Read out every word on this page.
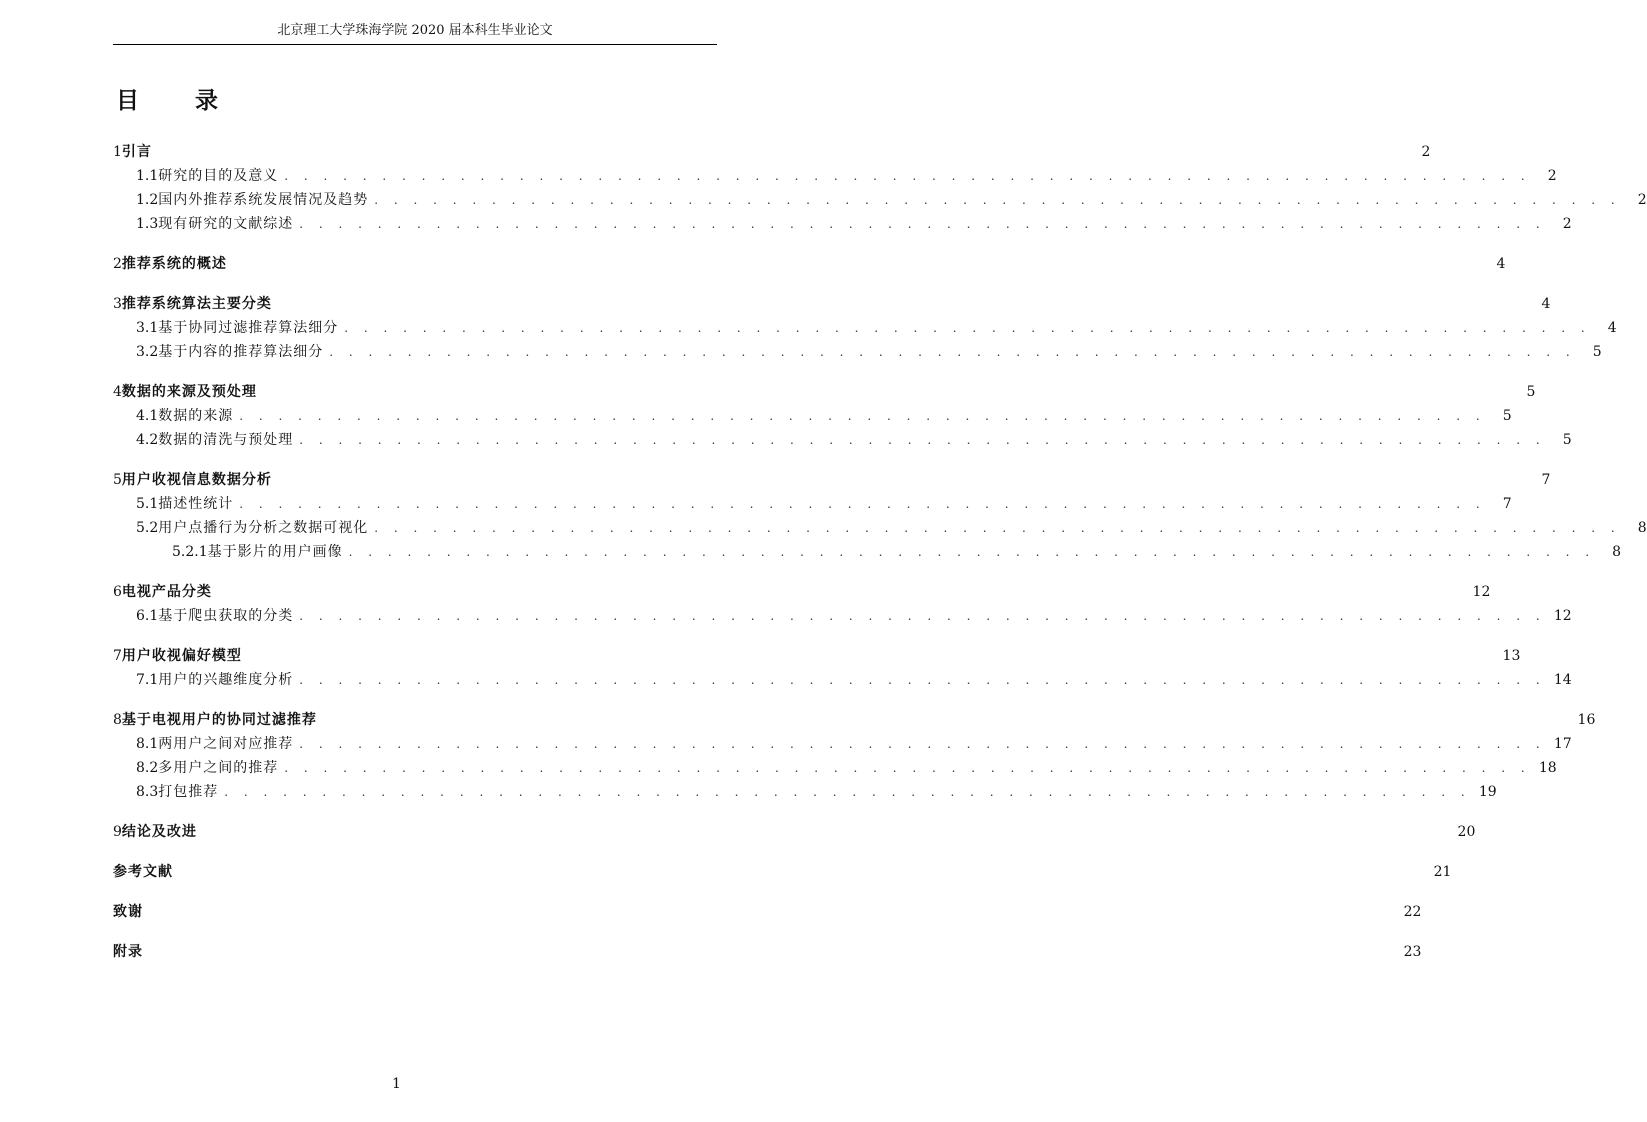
北京理工大学珠海学院 2020 届本科生毕业论文
目 录
1 引言	2
1.1 研究的目的及意义 . . . . . . . . . . . . . . . . . . . . . . . . . . . . . . . . . . . . . . . . . . . . . . . . . . . . . . . . . . . . . . . .	2
1.2 国内外推荐系统发展情况及趋势 . . . . . . . . . . . . . . . . . . . . . . . . . . . . . . . . . . . . . . . . . . . . . . . . . . . . . . . . . . . . . . . .	2
1.3 现有研究的文献综述 . . . . . . . . . . . . . . . . . . . . . . . . . . . . . . . . . . . . . . . . . . . . . . . . . . . . . . . . . . . . . . . .	2
2 推荐系统的概述	4
3 推荐系统算法主要分类	4
3.1 基于协同过滤推荐算法细分 . . . . . . . . . . . . . . . . . . . . . . . . . . . . . . . . . . . . . . . . . . . . . . . . . . . . . . . . . . . . . . . .	4
3.2 基于内容的推荐算法细分 . . . . . . . . . . . . . . . . . . . . . . . . . . . . . . . . . . . . . . . . . . . . . . . . . . . . . . . . . . . . . . . .	5
4 数据的来源及预处理	5
4.1 数据的来源 . . . . . . . . . . . . . . . . . . . . . . . . . . . . . . . . . . . . . . . . . . . . . . . . . . . . . . . . . . . . . . . .	5
4.2 数据的清洗与预处理 . . . . . . . . . . . . . . . . . . . . . . . . . . . . . . . . . . . . . . . . . . . . . . . . . . . . . . . . . . . . . . . .	5
5 用户收视信息数据分析	7
5.1 描述性统计 . . . . . . . . . . . . . . . . . . . . . . . . . . . . . . . . . . . . . . . . . . . . . . . . . . . . . . . . . . . . . . . .	7
5.2 用户点播行为分析之数据可视化 . . . . . . . . . . . . . . . . . . . . . . . . . . . . . . . . . . . . . . . . . . . . . . . . . . . . . . . . . . . . . . . .	8
5.2.1 基于影片的用户画像 . . . . . . . . . . . . . . . . . . . . . . . . . . . . . . . . . . . . . . . . . . . . . . . . . . . . . . . . . . . . . . . .	8
6 电视产品分类	12
6.1 基于爬虫获取的分类 . . . . . . . . . . . . . . . . . . . . . . . . . . . . . . . . . . . . . . . . . . . . . . . . . . . . . . . . . . . . . . . . 12
7 用户收视偏好模型	13
7.1 用户的兴趣维度分析 . . . . . . . . . . . . . . . . . . . . . . . . . . . . . . . . . . . . . . . . . . . . . . . . . . . . . . . . . . . . . . . . 14
8 基于电视用户的协同过滤推荐	16
8.1 两用户之间对应推荐 . . . . . . . . . . . . . . . . . . . . . . . . . . . . . . . . . . . . . . . . . . . . . . . . . . . . . . . . . . . . . . . . 17
8.2 多用户之间的推荐 . . . . . . . . . . . . . . . . . . . . . . . . . . . . . . . . . . . . . . . . . . . . . . . . . . . . . . . . . . . . . . . . 18
8.3 打包推荐 . . . . . . . . . . . . . . . . . . . . . . . . . . . . . . . . . . . . . . . . . . . . . . . . . . . . . . . . . . . . . . . . 19
9 结论及改进	20
参考文献	21
致谢	22
附录	23
1
